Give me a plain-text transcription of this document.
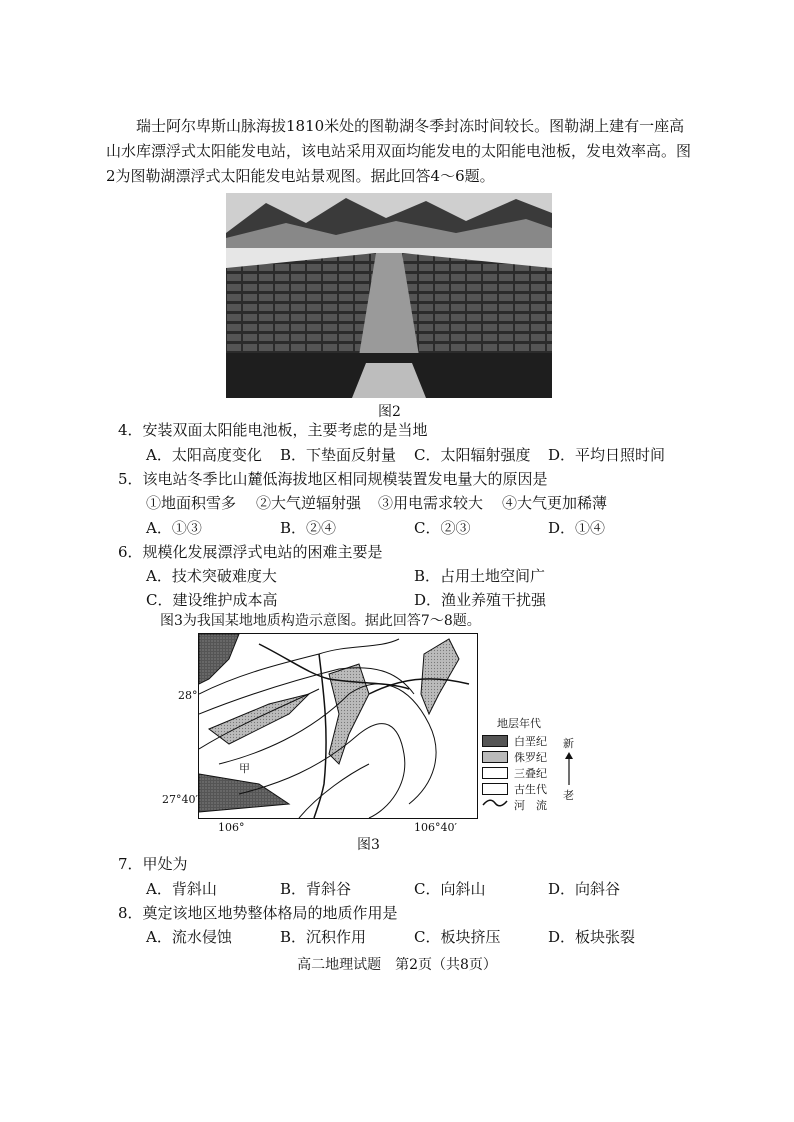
瑞士阿尔卑斯山脉海拔1810米处的图勒湖冬季封冻时间较长。图勒湖上建有一座高山水库漂浮式太阳能发电站，该电站采用双面均能发电的太阳能电池板，发电效率高。图2为图勒湖漂浮式太阳能发电站景观图。据此回答4～6题。
图2
4．安装双面太阳能电池板，主要考虑的是当地
A．太阳高度变化 B．下垫面反射量 C．太阳辐射强度 D．平均日照时间
5．该电站冬季比山麓低海拔地区相同规模装置发电量大的原因是
①地面积雪多 ②大气逆辐射强 ③用电需求较大 ④大气更加稀薄
A．①③	B．②④	C．②③	D．①④
6．规模化发展漂浮式电站的困难主要是
A．技术突破难度大	B．占用土地空间广
C．建设维护成本高	D．渔业养殖干扰强
图3为我国某地地质构造示意图。据此回答7～8题。
甲
28°
27°40′
106°	106°40′
地层年代
白垩纪
侏罗纪
三叠纪
古生代
河　流
新
老
图3
7．甲处为
A．背斜山	B．背斜谷	C．向斜山	D．向斜谷
8．奠定该地区地势整体格局的地质作用是
A．流水侵蚀	B．沉积作用	C．板块挤压	D．板块张裂
高二地理试题　第2页（共8页）
